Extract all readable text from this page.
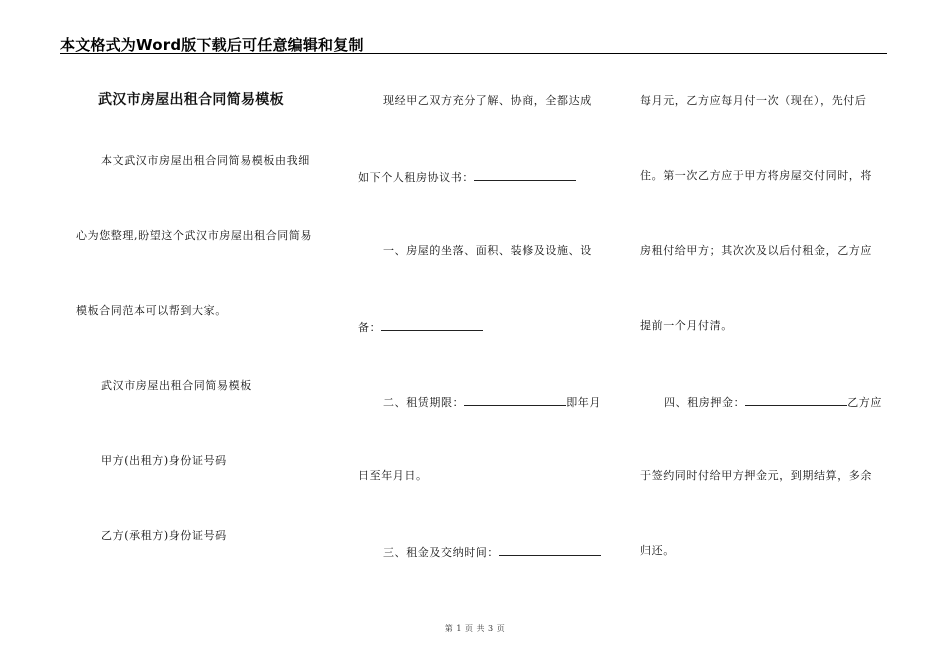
本文格式为Word版下载后可任意编辑和复制
武汉市房屋出租合同简易模板
本文武汉市房屋出租合同简易模板由我细
心为您整理,盼望这个武汉市房屋出租合同简易
模板合同范本可以帮到大家。
武汉市房屋出租合同简易模板
甲方(出租方)身份证号码
乙方(承租方)身份证号码
现经甲乙双方充分了解、协商，全都达成
如下个人租房协议书：
一、房屋的坐落、面积、装修及设施、设
备：
二、租赁期限：	即年月
日至年月日。
三、租金及交纳时间：
每月元，乙方应每月付一次（现在），先付后
住。第一次乙方应于甲方将房屋交付同时，将
房租付给甲方；其次次及以后付租金，乙方应
提前一个月付清。
四、租房押金：	乙方应
于签约同时付给甲方押金元，到期结算，多余
归还。
第 1 页 共 3 页
